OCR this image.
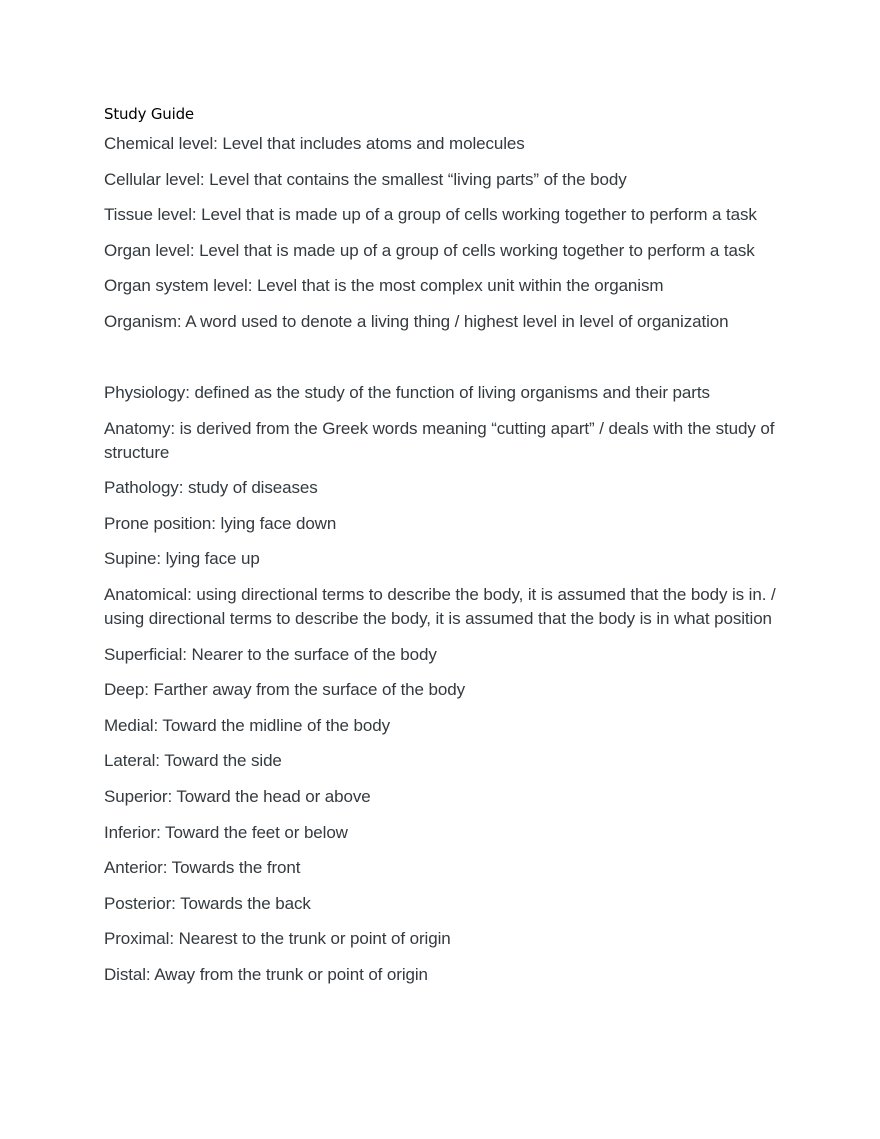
Study Guide

Chemical level: Level that includes atoms and molecules

Cellular level: Level that contains the smallest “living parts” of the body

Tissue level: Level that is made up of a group of cells working together to perform a task

Organ level: Level that is made up of a group of cells working together to perform a task

Organ system level: Level that is the most complex unit within the organism

Organism: A word used to denote a living thing / highest level in level of organization

Physiology: defined as the study of the function of living organisms and their parts

Anatomy: is derived from the Greek words meaning “cutting apart” / deals with the study of structure

Pathology: study of diseases

Prone position: lying face down

Supine: lying face up

Anatomical: using directional terms to describe the body, it is assumed that the body is in. / using directional terms to describe the body, it is assumed that the body is in what position

Superficial: Nearer to the surface of the body

Deep: Farther away from the surface of the body

Medial: Toward the midline of the body

Lateral: Toward the side

Superior: Toward the head or above

Inferior: Toward the feet or below

Anterior: Towards the front

Posterior: Towards the back

Proximal: Nearest to the trunk or point of origin

Distal: Away from the trunk or point of origin
